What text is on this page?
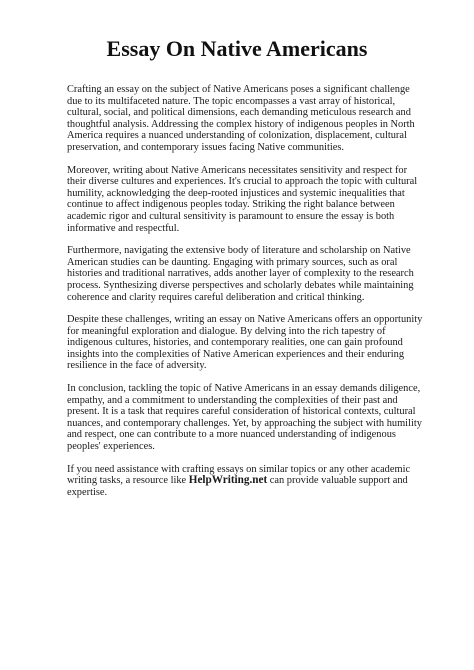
Essay On Native Americans

Crafting an essay on the subject of Native Americans poses a significant challenge due to its multifaceted nature. The topic encompasses a vast array of historical, cultural, social, and political dimensions, each demanding meticulous research and thoughtful analysis. Addressing the complex history of indigenous peoples in North America requires a nuanced understanding of colonization, displacement, cultural preservation, and contemporary issues facing Native communities.

Moreover, writing about Native Americans necessitates sensitivity and respect for their diverse cultures and experiences. It's crucial to approach the topic with cultural humility, acknowledging the deep-rooted injustices and systemic inequalities that continue to affect indigenous peoples today. Striking the right balance between academic rigor and cultural sensitivity is paramount to ensure the essay is both informative and respectful.

Furthermore, navigating the extensive body of literature and scholarship on Native American studies can be daunting. Engaging with primary sources, such as oral histories and traditional narratives, adds another layer of complexity to the research process. Synthesizing diverse perspectives and scholarly debates while maintaining coherence and clarity requires careful deliberation and critical thinking.

Despite these challenges, writing an essay on Native Americans offers an opportunity for meaningful exploration and dialogue. By delving into the rich tapestry of indigenous cultures, histories, and contemporary realities, one can gain profound insights into the complexities of Native American experiences and their enduring resilience in the face of adversity.

In conclusion, tackling the topic of Native Americans in an essay demands diligence, empathy, and a commitment to understanding the complexities of their past and present. It is a task that requires careful consideration of historical contexts, cultural nuances, and contemporary challenges. Yet, by approaching the subject with humility and respect, one can contribute to a more nuanced understanding of indigenous peoples' experiences.

If you need assistance with crafting essays on similar topics or any other academic writing tasks, a resource like HelpWriting.net can provide valuable support and expertise.
